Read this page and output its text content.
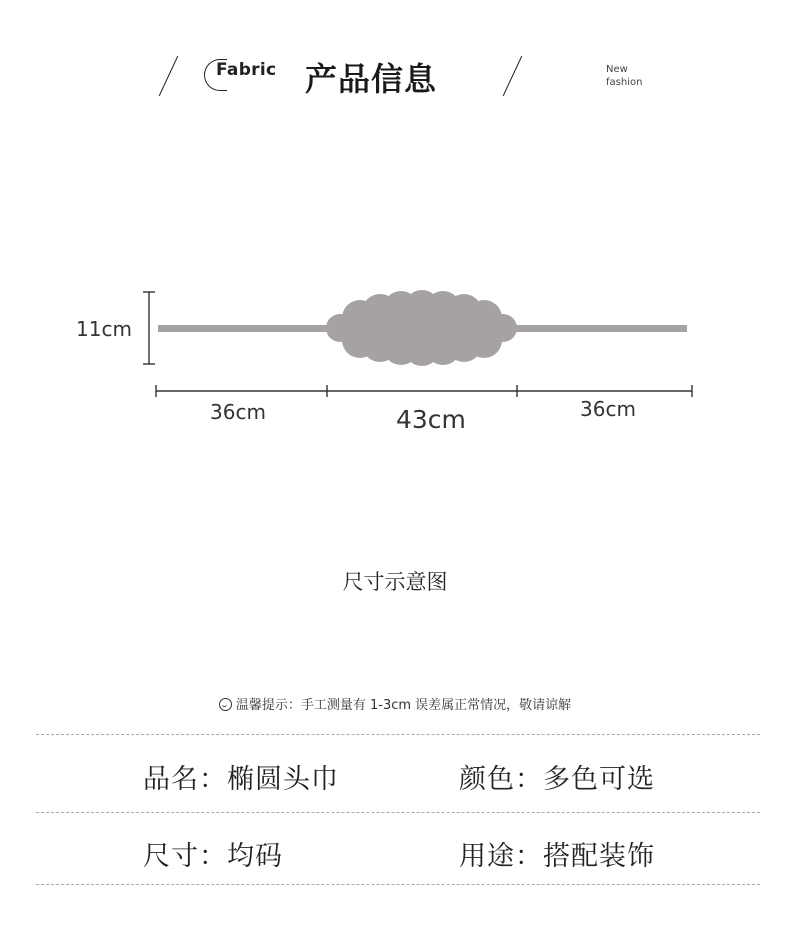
Fabric 产品信息	New
fashion
11cm
36cm	43cm	36cm
尺寸示意图
温馨提示：手工测量有 1-3cm 误差属正常情况，敬请谅解
品名：椭圆头巾	颜色：多色可选
尺寸：均码	用途：搭配装饰
